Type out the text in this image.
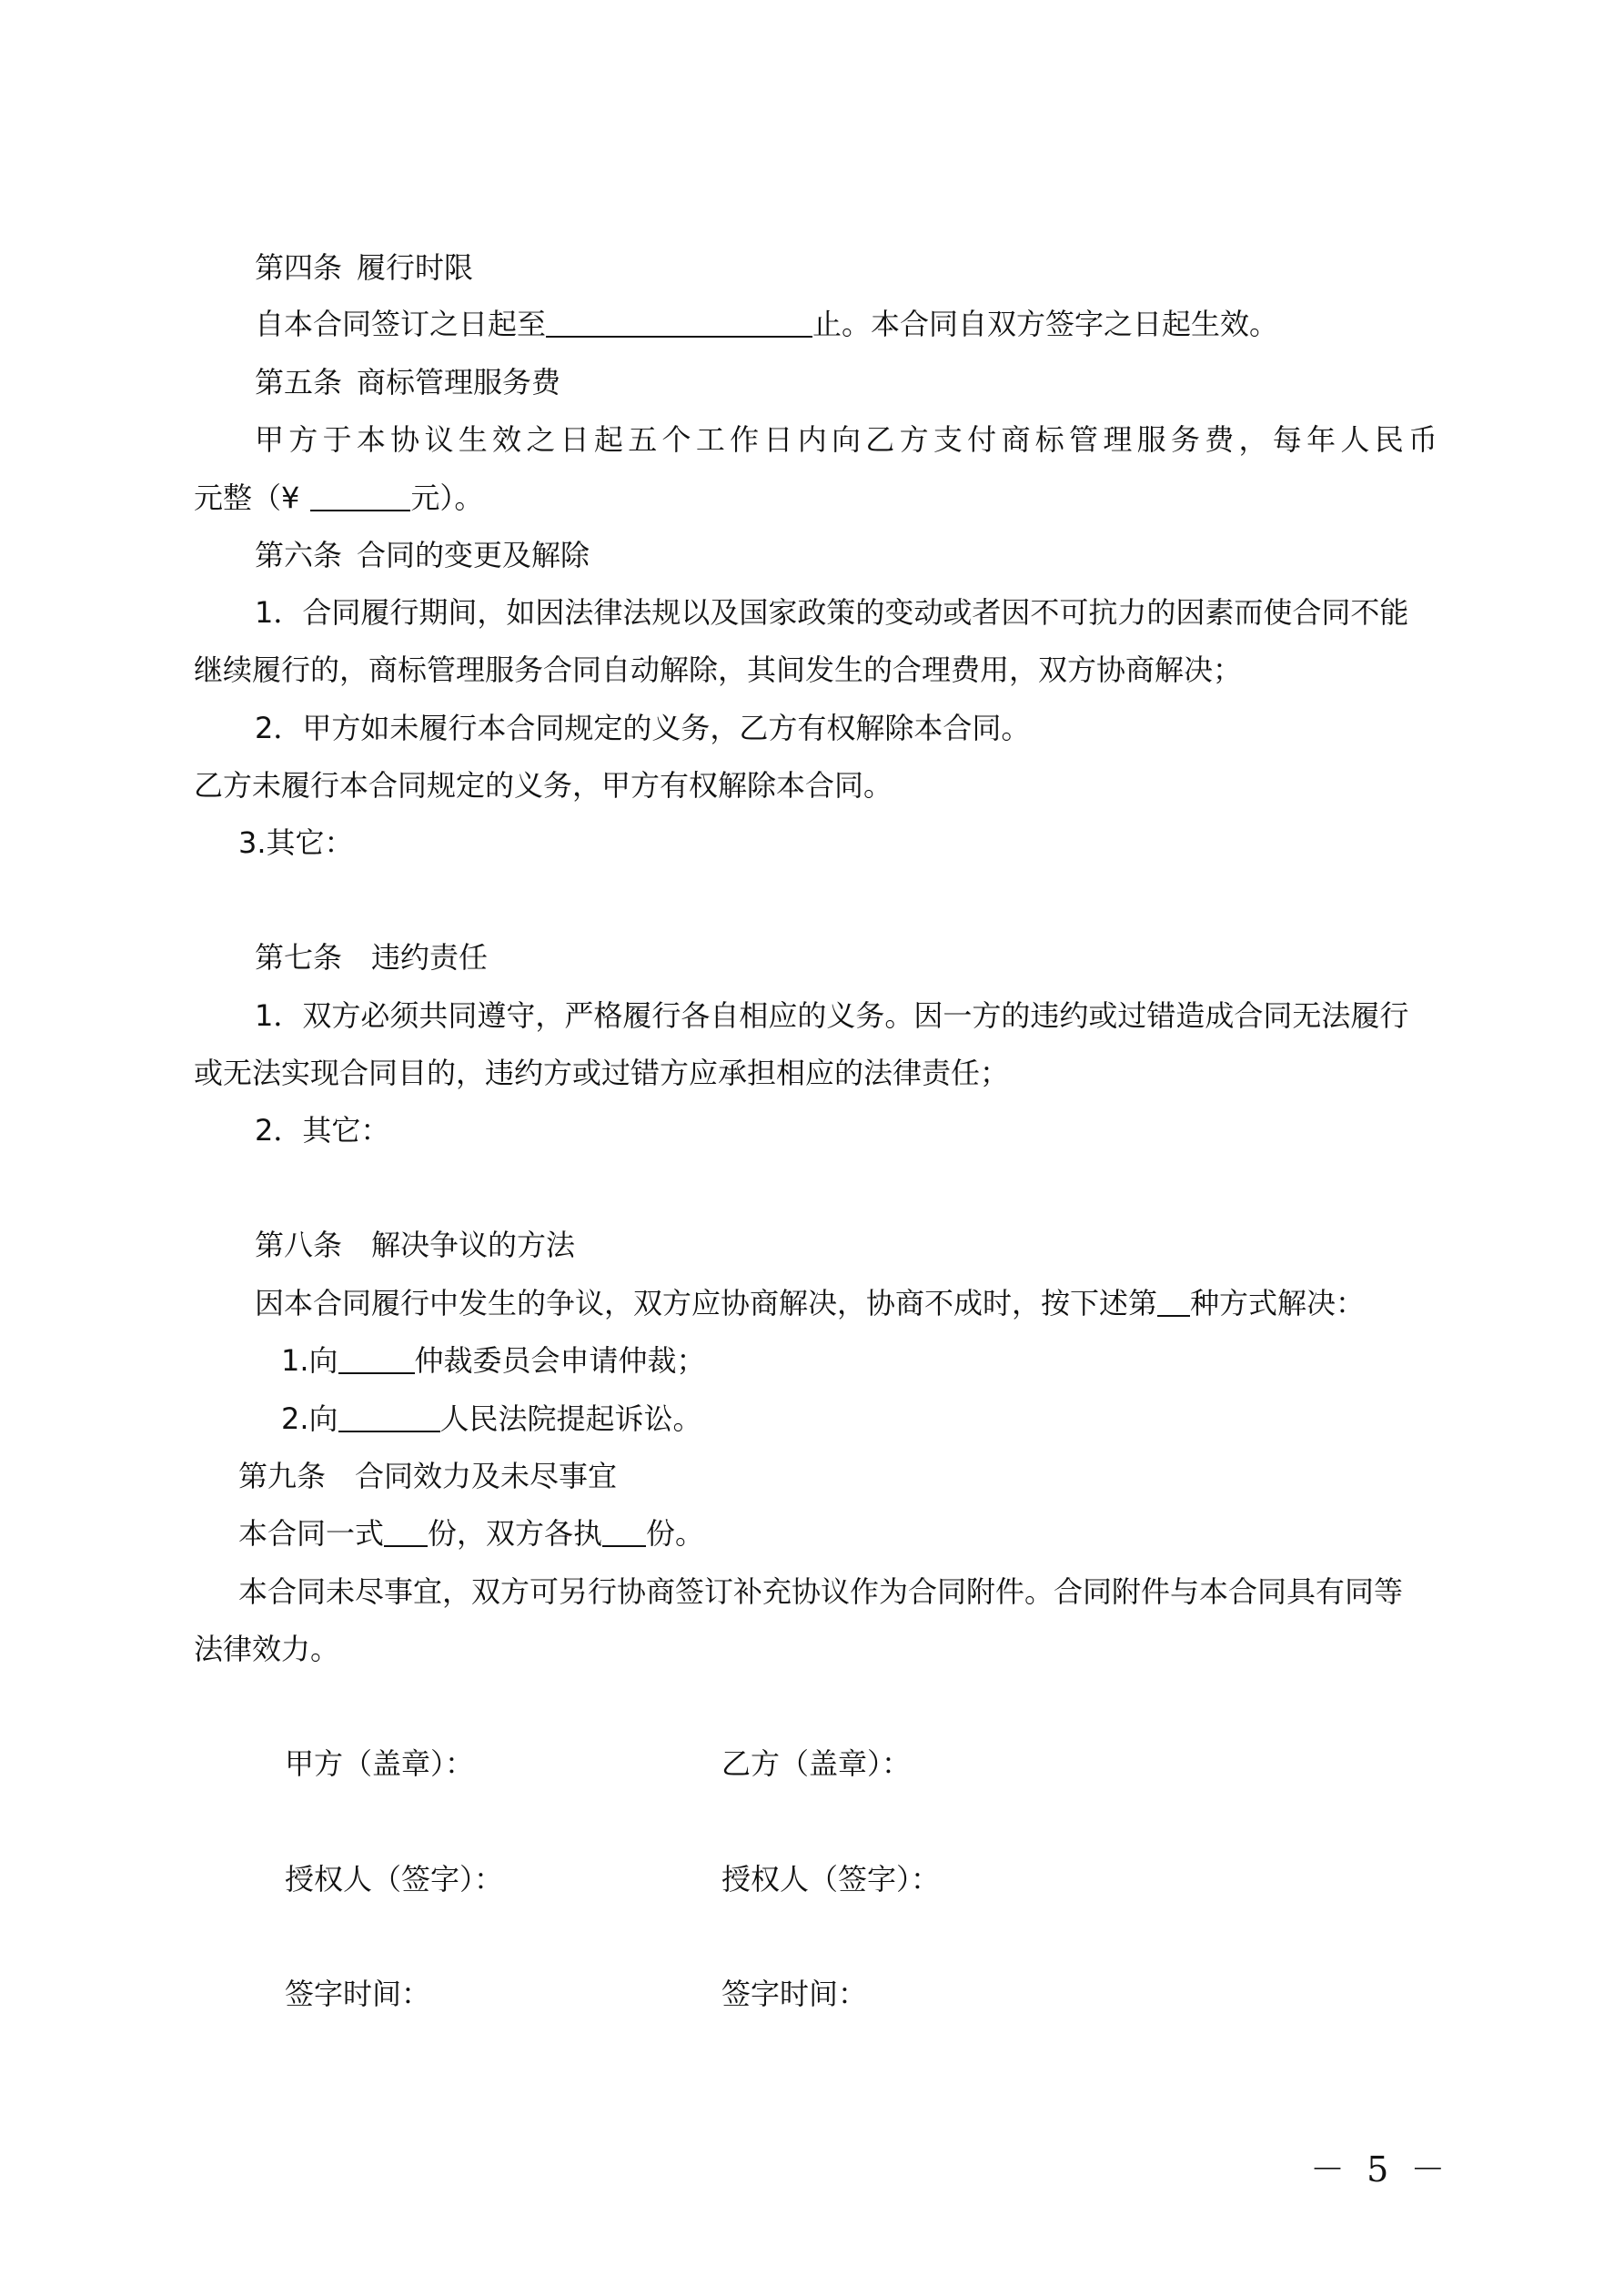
第四条 履行时限
自本合同签订之日起至	止。本合同自双方签字之日起生效。
第五条 商标管理服务费
甲方于本协议生效之日起五个工作日内向乙方支付商标管理服务费，每年人民币
元整（¥	元）。
第六条 合同的变更及解除
1．合同履行期间，如因法律法规以及国家政策的变动或者因不可抗力的因素而使合同不能
继续履行的，商标管理服务合同自动解除，其间发生的合理费用，双方协商解决；
2．甲方如未履行本合同规定的义务，乙方有权解除本合同。
乙方未履行本合同规定的义务，甲方有权解除本合同。
3.其它：
第七条 违约责任
1．双方必须共同遵守，严格履行各自相应的义务。因一方的违约或过错造成合同无法履行
或无法实现合同目的，违约方或过错方应承担相应的法律责任；
2．其它：
第八条 解决争议的方法
因本合同履行中发生的争议，双方应协商解决，协商不成时，按下述第 种方式解决：
1.向	仲裁委员会申请仲裁；
2.向	人民法院提起诉讼。
第九条 合同效力及未尽事宜
本合同一式 份，双方各执 份。
本合同未尽事宜，双方可另行协商签订补充协议作为合同附件。合同附件与本合同具有同等
法律效力。
甲方（盖章）：	乙方（盖章）：
授权人（签字）：	授权人（签字）：
签字时间：	签字时间：
－ 5 －
